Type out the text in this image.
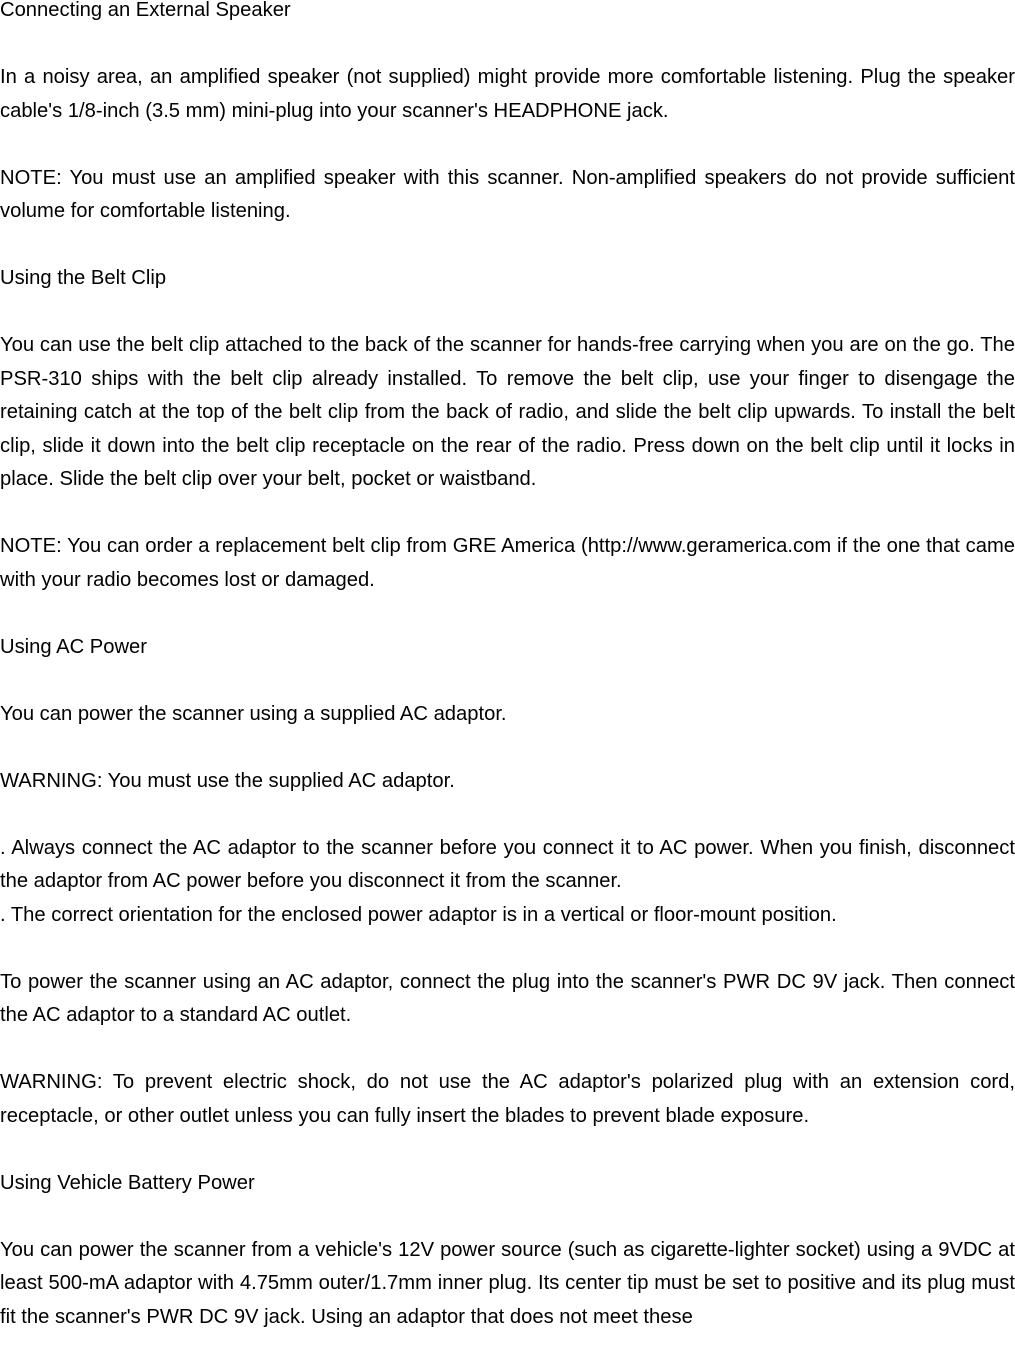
Connecting an External Speaker

In a noisy area, an amplified speaker (not supplied) might provide more comfortable listening. Plug the speaker cable's 1/8-inch (3.5 mm) mini-plug into your scanner's HEADPHONE jack.

NOTE: You must use an amplified speaker with this scanner. Non-amplified speakers do not provide sufficient volume for comfortable listening.

Using the Belt Clip

You can use the belt clip attached to the back of the scanner for hands-free carrying when you are on the go. The PSR-310 ships with the belt clip already installed. To remove the belt clip, use your finger to disengage the retaining catch at the top of the belt clip from the back of radio, and slide the belt clip upwards. To install the belt clip, slide it down into the belt clip receptacle on the rear of the radio. Press down on the belt clip until it locks in place. Slide the belt clip over your belt, pocket or waistband.

NOTE: You can order a replacement belt clip from GRE America (http://www.geramerica.com if the one that came with your radio becomes lost or damaged.

Using AC Power

You can power the scanner using a supplied AC adaptor.

WARNING: You must use the supplied AC adaptor.

. Always connect the AC adaptor to the scanner before you connect it to AC power. When you finish, disconnect the adaptor from AC power before you disconnect it from the scanner.

. The correct orientation for the enclosed power adaptor is in a vertical or floor-mount position.

To power the scanner using an AC adaptor, connect the plug into the scanner's PWR DC 9V jack. Then connect the AC adaptor to a standard AC outlet.

WARNING: To prevent electric shock, do not use the AC adaptor's polarized plug with an extension cord, receptacle, or other outlet unless you can fully insert the blades to prevent blade exposure.

Using Vehicle Battery Power

You can power the scanner from a vehicle's 12V power source (such as cigarette-lighter socket) using a 9VDC at least 500-mA adaptor with 4.75mm outer/1.7mm inner plug. Its center tip must be set to positive and its plug must fit the scanner's PWR DC 9V jack. Using an adaptor that does not meet these
